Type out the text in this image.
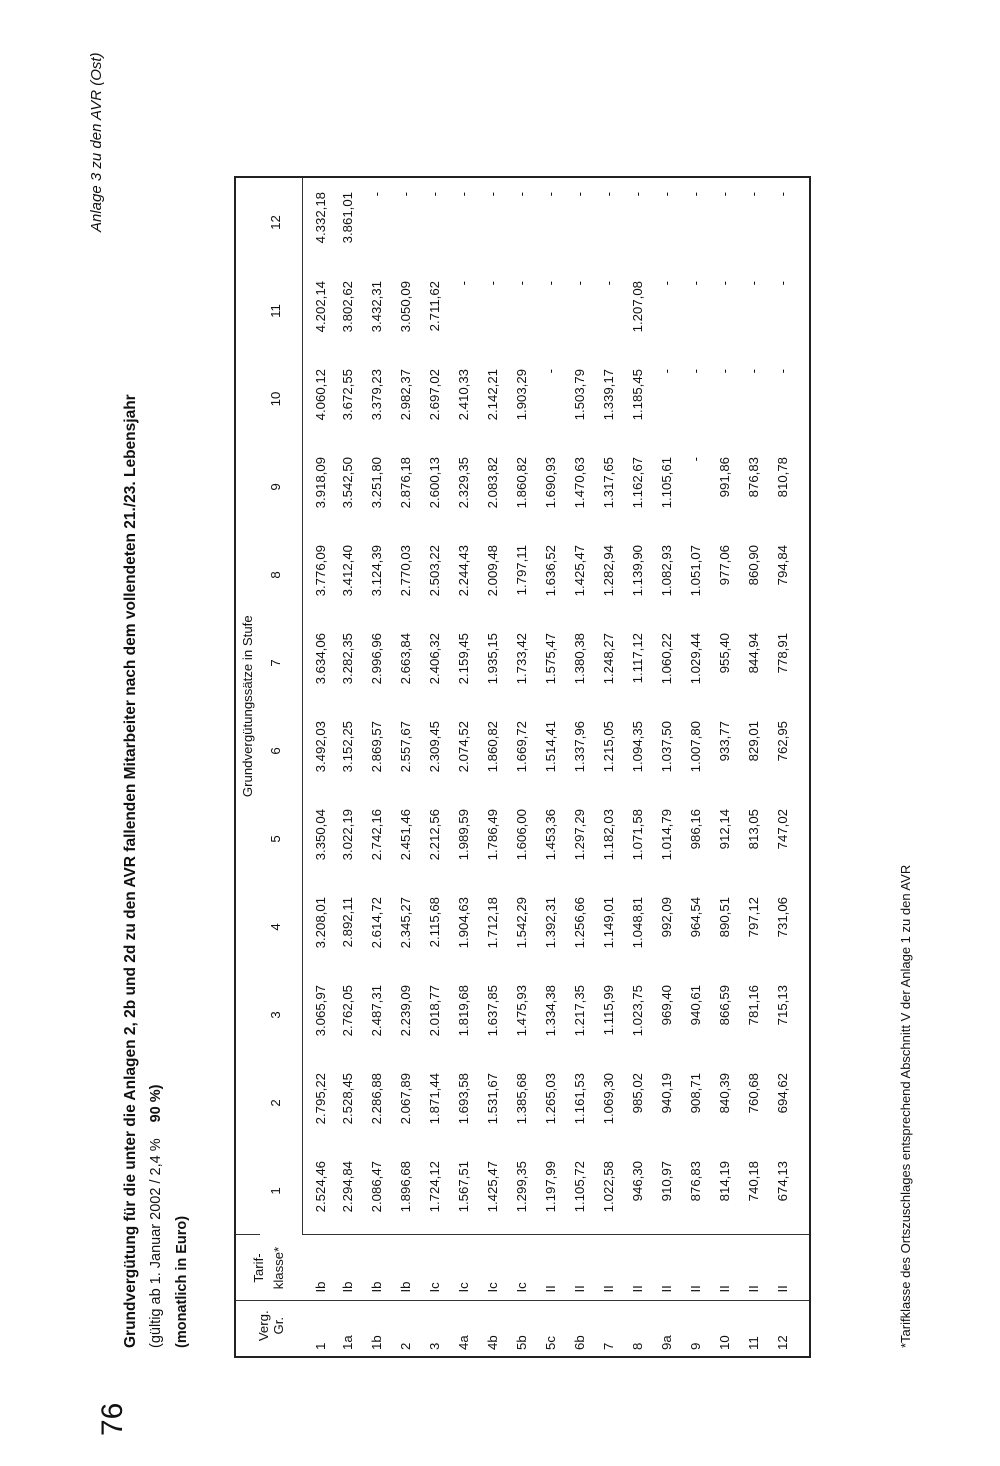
76
Anlage 3 zu den AVR (Ost)
Grundvergütung für die unter die Anlagen 2, 2b und 2d zu den AVR fallenden Mitarbeiter nach dem vollendeten 21./23. Lebensjahr (gültig ab 1. Januar 2002 / 2,4 %90 %)
(monatlich in Euro)	Verg. Gr.	Tarif-klasse*	Grundvergütungssätze in Stufe											
		1	2	3	4	5	6	7	8	9	10	11	12
1	Ib	2.524,46	2.795,22	3.065,97	3.208,01	3.350,04	3.492,03	3.634,06	3.776,09	3.918,09	4.060,12	4.202,14	4.332,18
1a	Ib	2.294,84	2.528,45	2.762,05	2.892,11	3.022,19	3.152,25	3.282,35	3.412,40	3.542,50	3.672,55	3.802,62	3.861,01
1b	Ib	2.086,47	2.286,88	2.487,31	2.614,72	2.742,16	2.869,57	2.996,96	3.124,39	3.251,80	3.379,23	3.432,31	-
2	Ib	1.896,68	2.067,89	2.239,09	2.345,27	2.451,46	2.557,67	2.663,84	2.770,03	2.876,18	2.982,37	3.050,09	-
3	Ic	1.724,12	1.871,44	2.018,77	2.115,68	2.212,56	2.309,45	2.406,32	2.503,22	2.600,13	2.697,02	2.711,62	-
4a	Ic	1.567,51	1.693,58	1.819,68	1.904,63	1.989,59	2.074,52	2.159,45	2.244,43	2.329,35	2.410,33	-	-
4b	Ic	1.425,47	1.531,67	1.637,85	1.712,18	1.786,49	1.860,82	1.935,15	2.009,48	2.083,82	2.142,21	-	-
5b	Ic	1.299,35	1.385,68	1.475,93	1.542,29	1.606,00	1.669,72	1.733,42	1.797,11	1.860,82	1.903,29	-	-
5c	II	1.197,99	1.265,03	1.334,38	1.392,31	1.453,36	1.514,41	1.575,47	1.636,52	1.690,93	-	-	-
6b	II	1.105,72	1.161,53	1.217,35	1.256,66	1.297,29	1.337,96	1.380,38	1.425,47	1.470,63	1.503,79	-	-
7	II	1.022,58	1.069,30	1.115,99	1.149,01	1.182,03	1.215,05	1.248,27	1.282,94	1.317,65	1.339,17	-	-
8	II	946,30	985,02	1.023,75	1.048,81	1.071,58	1.094,35	1.117,12	1.139,90	1.162,67	1.185,45	1.207,08	-
9a	II	910,97	940,19	969,40	992,09	1.014,79	1.037,50	1.060,22	1.082,93	1.105,61	-	-	-
9	II	876,83	908,71	940,61	964,54	986,16	1.007,80	1.029,44	1.051,07	-	-	-	-
10	II	814,19	840,39	866,59	890,51	912,14	933,77	955,40	977,06	991,86	-	-	-
11	II	740,18	760,68	781,16	797,12	813,05	829,01	844,94	860,90	876,83	-	-	-
12	II	674,13	694,62	715,13	731,06	747,02	762,95	778,91	794,84	810,78	-	-	-
*Tarifklasse des Ortszuschlages entsprechend Abschnitt V der Anlage 1 zu den AVR
